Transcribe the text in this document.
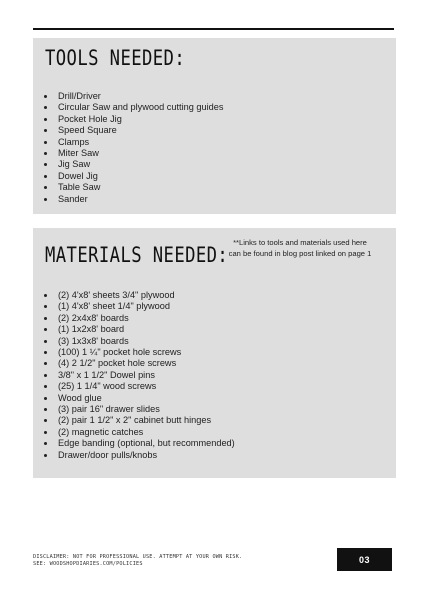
TOOLS NEEDED:
• Drill/Driver
• Circular Saw and plywood cutting guides
• Pocket Hole Jig
• Speed Square
• Clamps
• Miter Saw
• Jig Saw
• Dowel Jig
• Table Saw
• Sander
MATERIALS NEEDED:
**Links to tools and materials used here
can be found in blog post linked on page 1
• (2) 4'x8' sheets 3/4" plywood
• (1) 4'x8' sheet 1/4" plywood
• (2) 2x4x8' boards
• (1) 1x2x8' board
• (3) 1x3x8' boards
• (100) 1 ¼" pocket hole screws
• (4) 2 1/2" pocket hole screws
• 3/8" x 1 1/2" Dowel pins
• (25) 1 1/4" wood screws
• Wood glue
• (3) pair 16" drawer slides
• (2) pair 1 1/2" x 2" cabinet butt hinges
• (2) magnetic catches
• Edge banding (optional, but recommended)
• Drawer/door pulls/knobs
DISCLAIMER: NOT FOR PROFESSIONAL USE. ATTEMPT AT YOUR OWN RISK.
SEE: WOODSHOPDIARIES.COM/POLICIES	03
